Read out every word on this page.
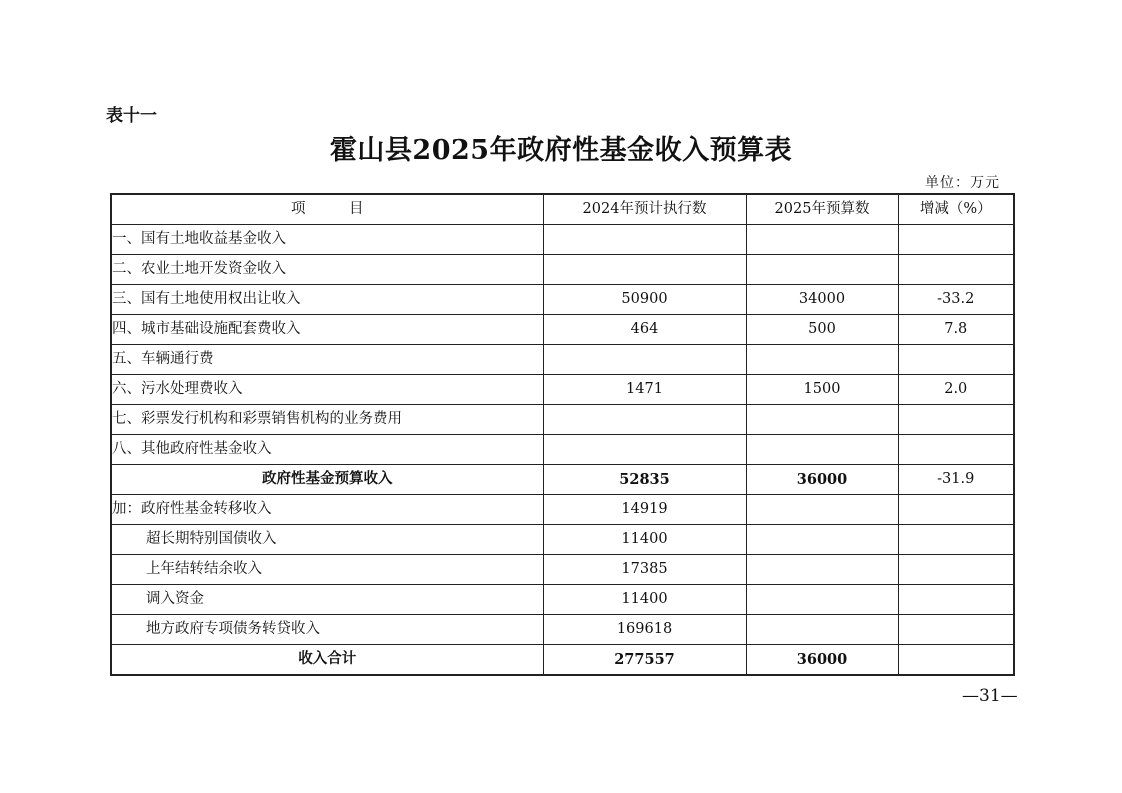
表十一
霍山县2025年政府性基金收入预算表
单位：万元
项　　　目	2024年预计执行数	2025年预算数	增减（%）
一、国有土地收益基金收入			
二、农业土地开发资金收入			
三、国有土地使用权出让收入	50900	34000	-33.2
四、城市基础设施配套费收入	464	500	7.8
五、车辆通行费			
六、污水处理费收入	1471	1500	2.0
七、彩票发行机构和彩票销售机构的业务费用			
八、其他政府性基金收入			
政府性基金预算收入	52835	36000	-31.9
加：政府性基金转移收入	14919		
超长期特别国债收入	11400		
上年结转结余收入	17385		
调入资金	11400		
地方政府专项债务转贷收入	169618		
收入合计	277557	36000	
—31—
